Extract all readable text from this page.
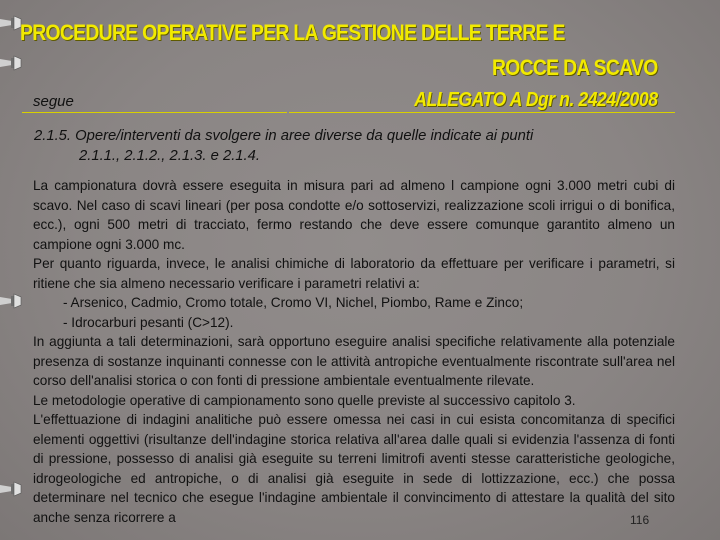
PROCEDURE OPERATIVE PER LA GESTIONE DELLE TERRE E
ROCCE DA SCAVO
segue	ALLEGATO A Dgr n. 2424/2008
2.1.5. Opere/interventi da svolgere in aree diverse da quelle indicate ai punti
2.1.1., 2.1.2., 2.1.3. e 2.1.4.

La campionatura dovrà essere eseguita in misura pari ad almeno l campione ogni 3.000 metri cubi di scavo. Nel caso di scavi lineari (per posa condotte e/o sottoservizi, realizzazione scoli irrigui o di bonifica, ecc.), ogni 500 metri di tracciato, fermo restando che deve essere comunque garantito almeno un campione ogni 3.000 mc.

Per quanto riguarda, invece, le analisi chimiche di laboratorio da effettuare per verificare i parametri, si ritiene che sia almeno necessario verificare i parametri relativi a:

- Arsenico, Cadmio, Cromo totale, Cromo VI, Nichel, Piombo, Rame e Zinco;

- Idrocarburi pesanti (C>12).

In aggiunta a tali determinazioni, sarà opportuno eseguire analisi specifiche relativamente alla potenziale presenza di sostanze inquinanti connesse con le attività antropiche eventualmente riscontrate sull'area nel corso dell'analisi storica o con fonti di pressione ambientale eventualmente rilevate.

Le metodologie operative di campionamento sono quelle previste al successivo capitolo 3.

L'effettuazione di indagini analitiche può essere omessa nei casi in cui esista concomitanza di specifici elementi oggettivi (risultanze dell'indagine storica relativa all'area dalle quali si evidenzia l'assenza di fonti di pressione, possesso di analisi già eseguite su terreni limitrofi aventi stesse caratteristiche geologiche, idrogeologiche ed antropiche, o di analisi già eseguite in sede di lottizzazione, ecc.) che possa determinare nel tecnico che esegue l'indagine ambientale il convincimento di attestare la qualità del sito anche senza ricorrere a	116
